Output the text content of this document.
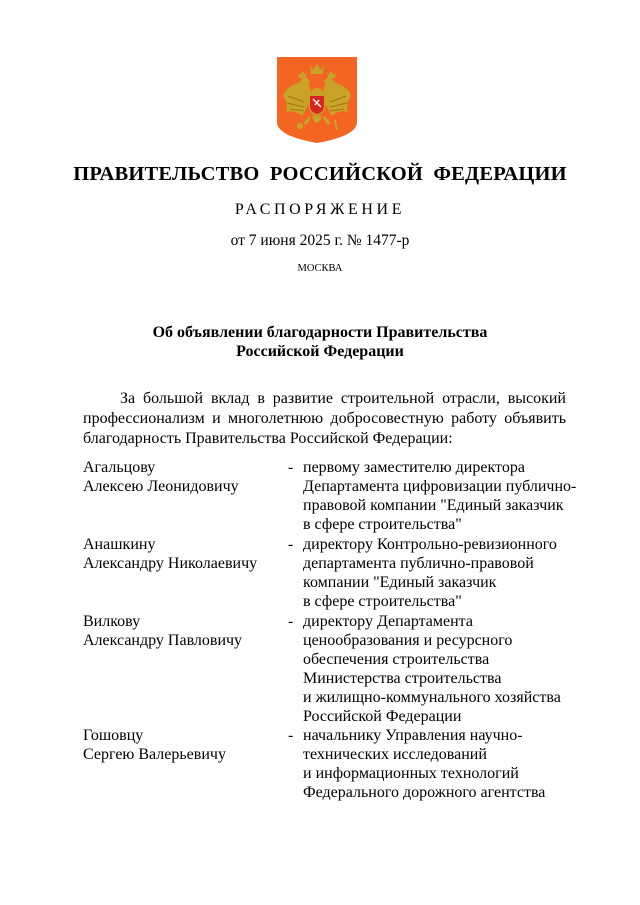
ПРАВИТЕЛЬСТВО РОССИЙСКОЙ ФЕДЕРАЦИИ
РАСПОРЯЖЕНИЕ
от 7 июня 2025 г. № 1477-р
МОСКВА
Об объявлении благодарности Правительства
Российской Федерации
За большой вклад в развитие строительной отрасли, высокий профессионализм и многолетнюю добросовестную работу объявить благодарность Правительства Российской Федерации:
Агальцову
Алексею Леонидовичу
- первому заместителю директора
Департамента цифровизации публично-
правовой компании "Единый заказчик
в сфере строительства"
Анашкину
Александру Николаевичу
- директору Контрольно-ревизионного
департамента публично-правовой
компании "Единый заказчик
в сфере строительства"
Вилкову
Александру Павловичу
- директору Департамента
ценообразования и ресурсного
обеспечения строительства
Министерства строительства
и жилищно-коммунального хозяйства
Российской Федерации
Гошовцу
Сергею Валерьевичу
- начальнику Управления научно-
технических исследований
и информационных технологий
Федерального дорожного агентства
